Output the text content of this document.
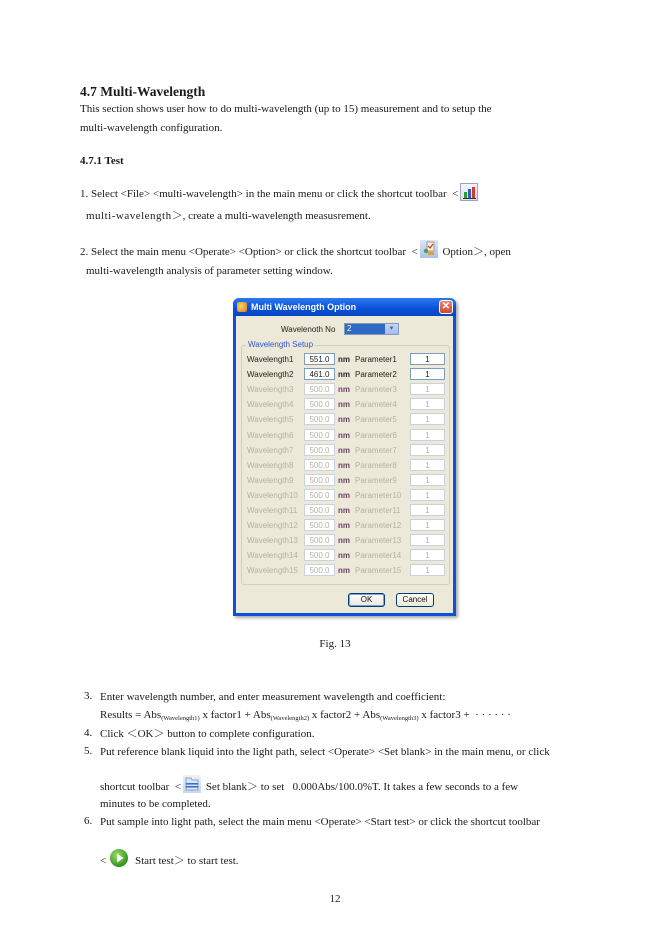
4.7 Multi-Wavelength
This section shows user how to do multi-wavelength (up to 15) measurement and to setup the
multi-wavelength configuration.
4.7.1 Test
1. Select <File> <multi-wavelength> in the main menu or click the shortcut toolbar  <
multi-wavelength＞, create a multi-wavelength measusrement.
2. Select the main menu <Operate> <Option> or click the shortcut toolbar  < Option＞, open
multi-wavelength analysis of parameter setting window.
Multi Wavelength Option	✕
Wavelenoth No 2	▾
Wavelength Setup
Wavelength1	551.0	nm Parameter1	1
Wavelength2	461.0	nm Parameter2	1
Wavelength3	500.0	nm Parameter3	1
Wavelength4	500.0	nm Parameter4	1
Wavelength5	500.0	nm Parameter5	1
Wavelength6	500.0	nm Parameter6	1
Wavelength7	500.0	nm Parameter7	1
Wavelength8	500.0	nm Parameter8	1
Wavelength9	500.0	nm Parameter9	1
Wavelength10	500.0	nm Parameter10	1
Wavelength11	500.0	nm Parameter11	1
Wavelength12	500.0	nm Parameter12	1
Wavelength13	500.0	nm Parameter13	1
Wavelength14	500.0	nm Parameter14	1
Wavelength15	500.0	nm Parameter15	1
OK	Cancel
Fig. 13
3. Enter wavelength number, and enter measurement wavelength and coefficient:
Results = Abs$_{(Wavelength1)}$ x factor1 + Abs$_{(Wavelength2)}$ x factor2 + Abs$_{(Wavelength3)}$ x factor3 +  · · · · · ·
4. Click ＜OK＞ button to complete configuration.
5. Put reference blank liquid into the light path, select <Operate> <Set blank> in the main menu, or click
shortcut toolbar  < Set blank＞ to set   0.000Abs/100.0%T. It takes a few seconds to a few
minutes to be completed.
6. Put sample into light path, select the main menu <Operate> <Start test> or click the shortcut toolbar
< Start test＞ to start test.
12
